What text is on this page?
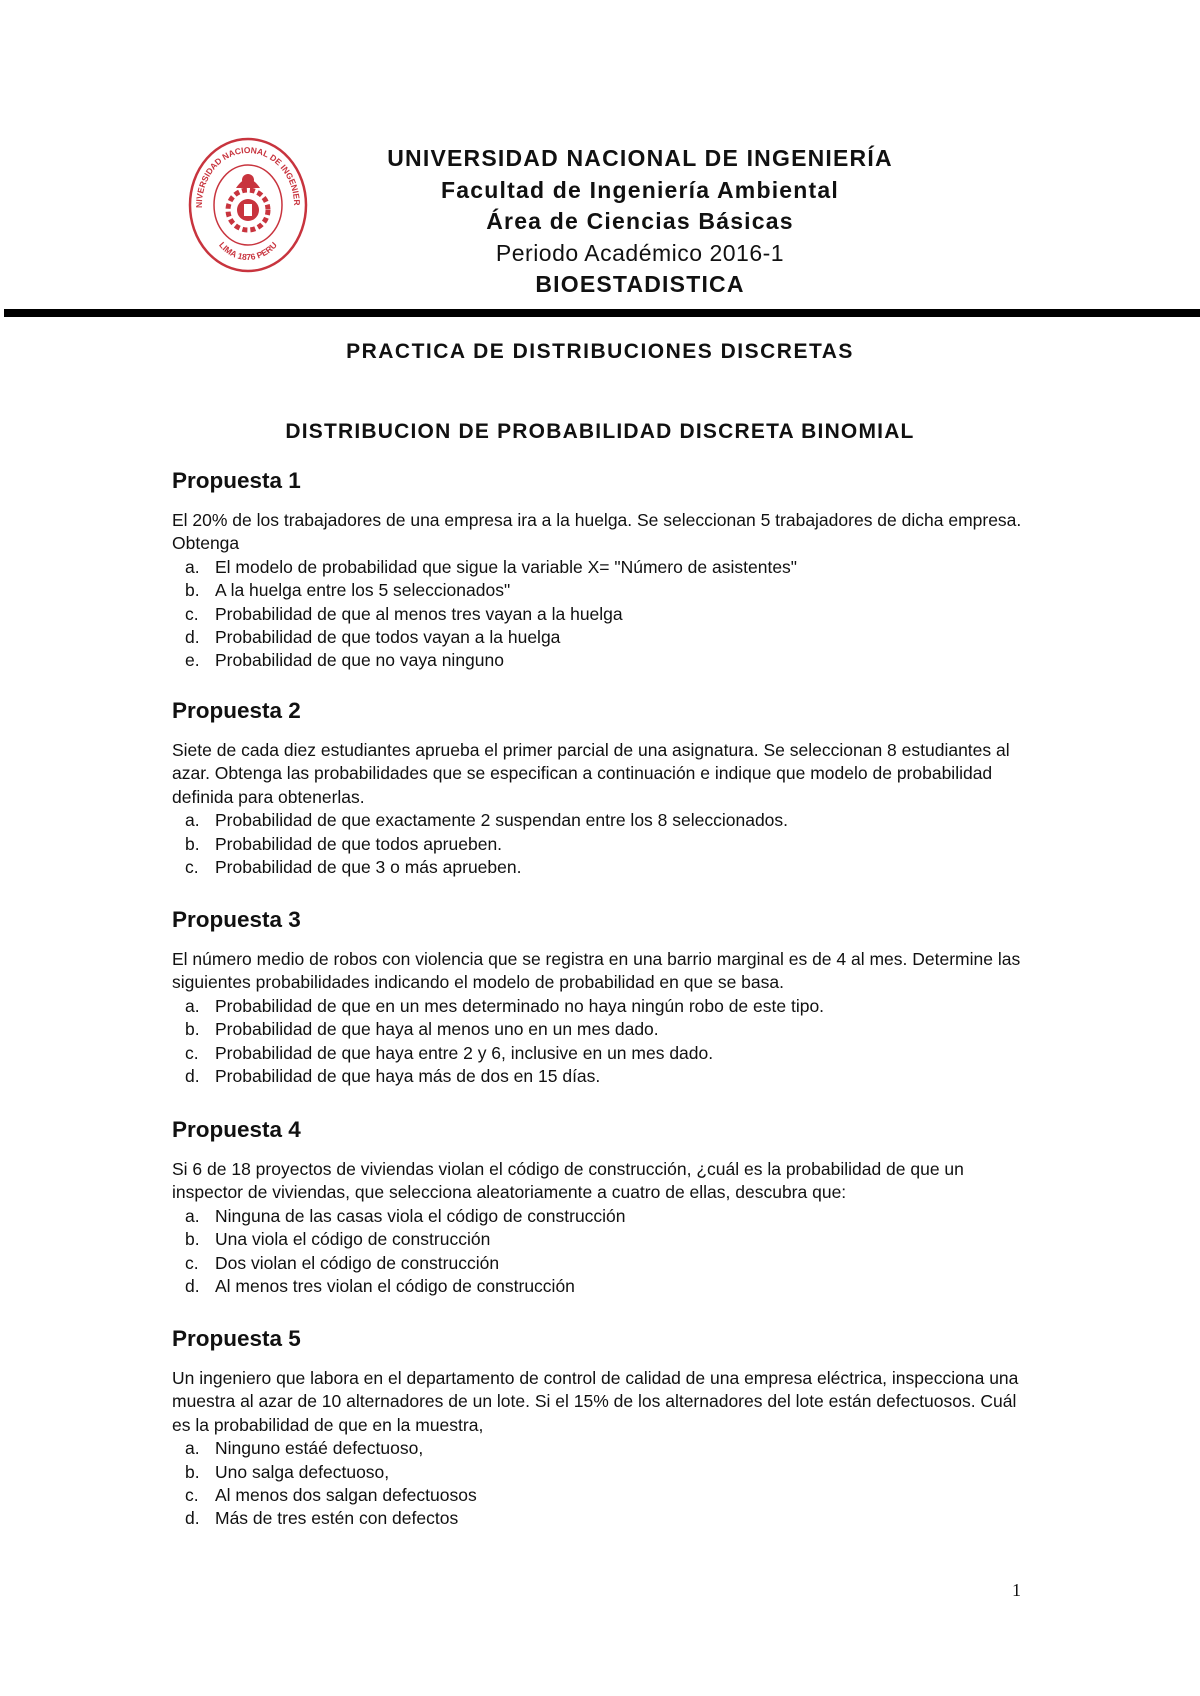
NIVERSIDAD NACIONAL DE INGENIER
LIMA 1876 PERU
UNIVERSIDAD NACIONAL DE INGENIERÍA
Facultad de Ingeniería Ambiental
Área de Ciencias Básicas
Periodo Académico 2016-1
BIOESTADISTICA
PRACTICA DE DISTRIBUCIONES DISCRETAS
DISTRIBUCION DE PROBABILIDAD DISCRETA BINOMIAL
Propuesta 1

El 20% de los trabajadores de una empresa ira a la huelga. Se seleccionan 5 trabajadores de dicha empresa. Obtenga

a. El modelo de probabilidad que sigue la variable X= "Número de asistentes"
b. A la huelga entre los 5 seleccionados"
c. Probabilidad de que al menos tres vayan a la huelga
d. Probabilidad de que todos vayan a la huelga
e. Probabilidad de que no vaya ninguno
Propuesta 2

Siete de cada diez estudiantes aprueba el primer parcial de una asignatura. Se seleccionan 8 estudiantes al azar. Obtenga las probabilidades que se especifican a continuación e indique que modelo de probabilidad definida para obtenerlas.

a. Probabilidad de que exactamente 2 suspendan entre los 8 seleccionados.
b. Probabilidad de que todos aprueben.
c. Probabilidad de que 3 o más aprueben.
Propuesta 3

El número medio de robos con violencia que se registra en una barrio marginal es de 4 al mes. Determine las siguientes probabilidades indicando el modelo de probabilidad en que se basa.

a. Probabilidad de que en un mes determinado no haya ningún robo de este tipo.
b. Probabilidad de que haya al menos uno en un mes dado.
c. Probabilidad de que haya entre 2 y 6, inclusive en un mes dado.
d. Probabilidad de que haya más de dos en 15 días.
Propuesta 4

Si 6 de 18 proyectos de viviendas violan el código de construcción, ¿cuál es la probabilidad de que un inspector de viviendas, que selecciona aleatoriamente a cuatro de ellas, descubra que:

a. Ninguna de las casas viola el código de construcción
b. Una viola el código de construcción
c. Dos violan el código de construcción
d. Al menos tres violan el código de construcción
Propuesta 5

Un ingeniero que labora en el departamento de control de calidad de una empresa eléctrica, inspecciona una muestra al azar de 10 alternadores de un lote. Si el 15% de los alternadores del lote están defectuosos. Cuál es la probabilidad de que en la muestra,

a. Ninguno estáé defectuoso,
b. Uno salga defectuoso,
c. Al menos dos salgan defectuosos
d. Más de tres estén con defectos
1
